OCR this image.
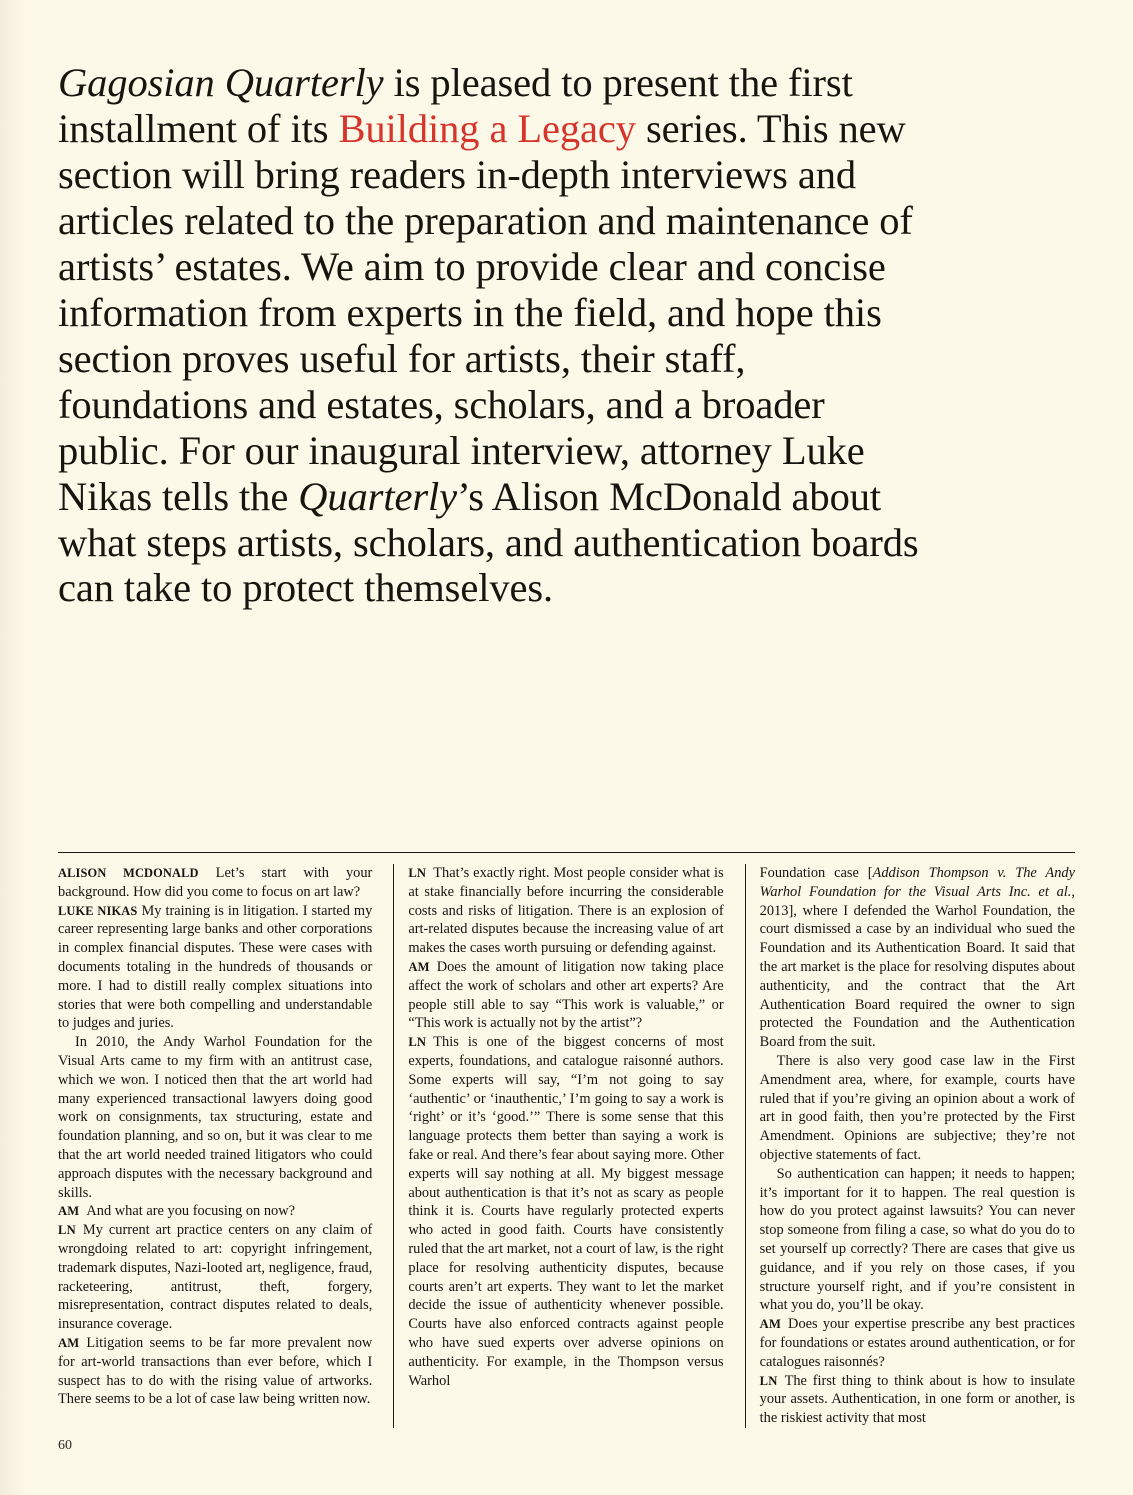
Gagosian Quarterly is pleased to present the first installment of its Building a Legacy series. This new section will bring readers in-depth interviews and articles related to the preparation and maintenance of artists’ estates. We aim to provide clear and concise information from experts in the field, and hope this section proves useful for artists, their staff, foundations and estates, scholars, and a broader public. For our inaugural interview, attorney Luke Nikas tells the Quarterly’s Alison McDonald about what steps artists, scholars, and authentication boards can take to protect themselves.

ALISON MCDONALD Let’s start with your background. How did you come to focus on art law?

LUKE NIKAS My training is in litigation. I started my career representing large banks and other corporations in complex financial disputes. These were cases with documents totaling in the hundreds of thousands or more. I had to distill really complex situations into stories that were both compelling and understandable to judges and juries.

In 2010, the Andy Warhol Foundation for the Visual Arts came to my firm with an antitrust case, which we won. I noticed then that the art world had many experienced transactional lawyers doing good work on consignments, tax structuring, estate and foundation planning, and so on, but it was clear to me that the art world needed trained litigators who could approach disputes with the necessary background and skills.

AM And what are you focusing on now?

LN My current art practice centers on any claim of wrongdoing related to art: copyright infringement, trademark disputes, Nazi-looted art, negligence, fraud, racketeering, antitrust, theft, forgery, misrepresentation, contract disputes related to deals, insurance coverage.

AM Litigation seems to be far more prevalent now for art-world transactions than ever before, which I suspect has to do with the rising value of artworks. There seems to be a lot of case law being written now.

LN That’s exactly right. Most people consider what is at stake financially before incurring the considerable costs and risks of litigation. There is an explosion of art-related disputes because the increasing value of art makes the cases worth pursuing or defending against.

AM Does the amount of litigation now taking place affect the work of scholars and other art experts? Are people still able to say “This work is valuable,” or “This work is actually not by the artist”?

LN This is one of the biggest concerns of most experts, foundations, and catalogue raisonné authors. Some experts will say, “I’m not going to say ‘authentic’ or ‘inauthentic,’ I’m going to say a work is ‘right’ or it’s ‘good.’” There is some sense that this language protects them better than saying a work is fake or real. And there’s fear about saying more. Other experts will say nothing at all. My biggest message about authentication is that it’s not as scary as people think it is. Courts have regularly protected experts who acted in good faith. Courts have consistently ruled that the art market, not a court of law, is the right place for resolving authenticity disputes, because courts aren’t art experts. They want to let the market decide the issue of authenticity whenever possible. Courts have also enforced contracts against people who have sued experts over adverse opinions on authenticity. For example, in the Thompson versus Warhol

Foundation case [Addison Thompson v. The Andy Warhol Foundation for the Visual Arts Inc. et al., 2013], where I defended the Warhol Foundation, the court dismissed a case by an individual who sued the Foundation and its Authentication Board. It said that the art market is the place for resolving disputes about authenticity, and the contract that the Art Authentication Board required the owner to sign protected the Foundation and the Authentication Board from the suit.

There is also very good case law in the First Amendment area, where, for example, courts have ruled that if you’re giving an opinion about a work of art in good faith, then you’re protected by the First Amendment. Opinions are subjective; they’re not objective statements of fact.

So authentication can happen; it needs to happen; it’s important for it to happen. The real question is how do you protect against lawsuits? You can never stop someone from filing a case, so what do you do to set yourself up correctly? There are cases that give us guidance, and if you rely on those cases, if you structure yourself right, and if you’re consistent in what you do, you’ll be okay.

AM Does your expertise prescribe any best practices for foundations or estates around authentication, or for catalogues raisonnés?

LN The first thing to think about is how to insulate your assets. Authentication, in one form or another, is the riskiest activity that most

60
